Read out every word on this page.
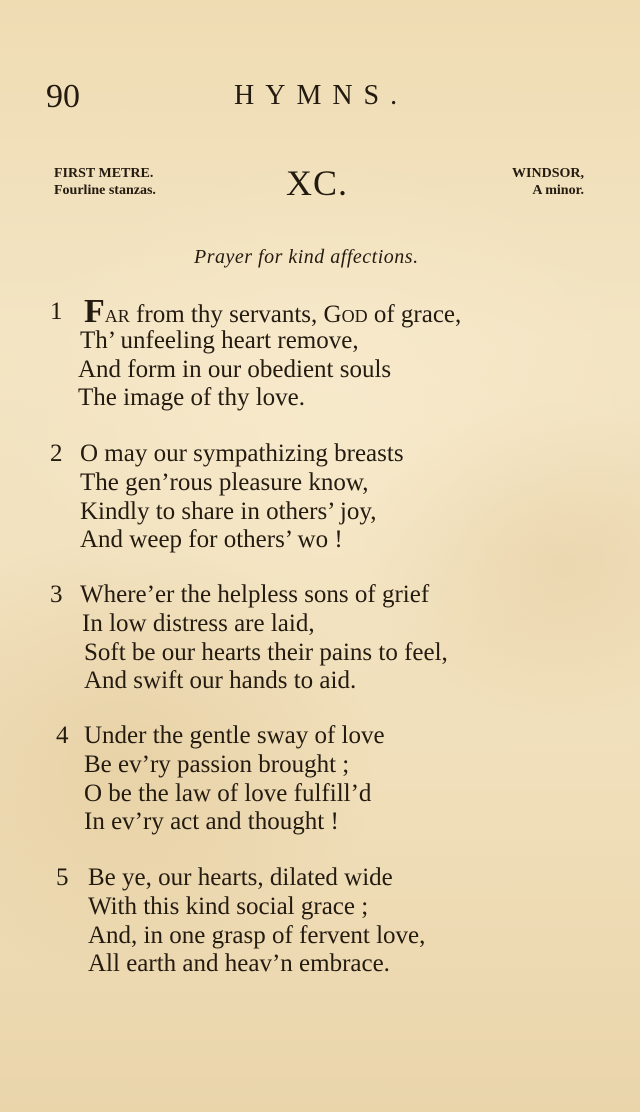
90	HYMNS.
FIRST METRE.
Fourline stanzas.	XC.	WINDSOR,
A minor.
Prayer for kind affections.
1 Far from thy servants, God of grace,
Th’ unfeeling heart remove,
And form in our obedient souls
The image of thy love.
2 O may our sympathizing breasts
The gen’rous pleasure know,
Kindly to share in others’ joy,
And weep for others’ wo !
3 Where’er the helpless sons of grief
In low distress are laid,
Soft be our hearts their pains to feel,
And swift our hands to aid.
4 Under the gentle sway of love
Be ev’ry passion brought ;
O be the law of love fulfill’d
In ev’ry act and thought !
5 Be ye, our hearts, dilated wide
With this kind social grace ;
And, in one grasp of fervent love,
All earth and heav’n embrace.
